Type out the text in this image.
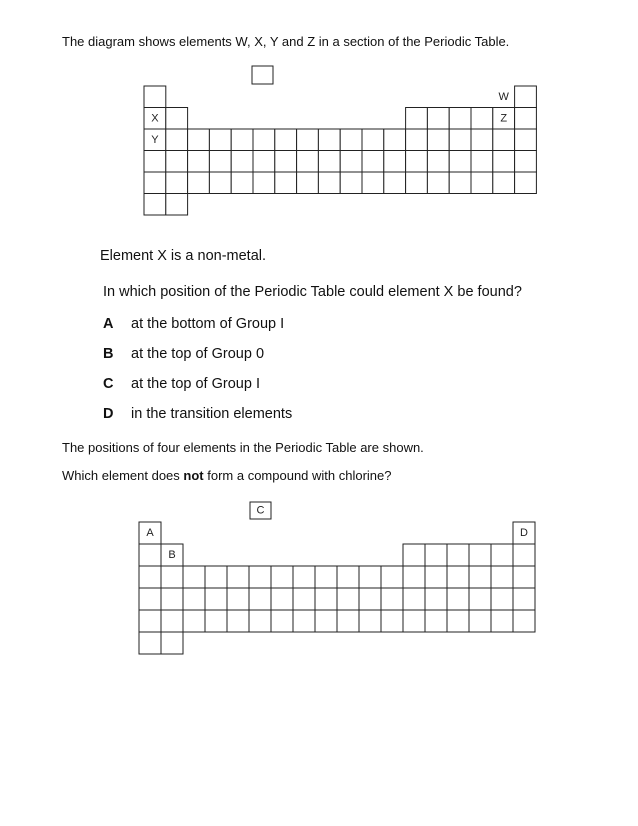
The diagram shows elements W, X, Y and Z in a section of the Periodic Table.
X
Y
W
Z
Element X is a non-metal.
In which position of the Periodic Table could element X be found?
A at the bottom of Group I
B at the top of Group 0
C at the top of Group I
D in the transition elements
The positions of four elements in the Periodic Table are shown.
Which element does not form a compound with chlorine?
A
B
D
C
